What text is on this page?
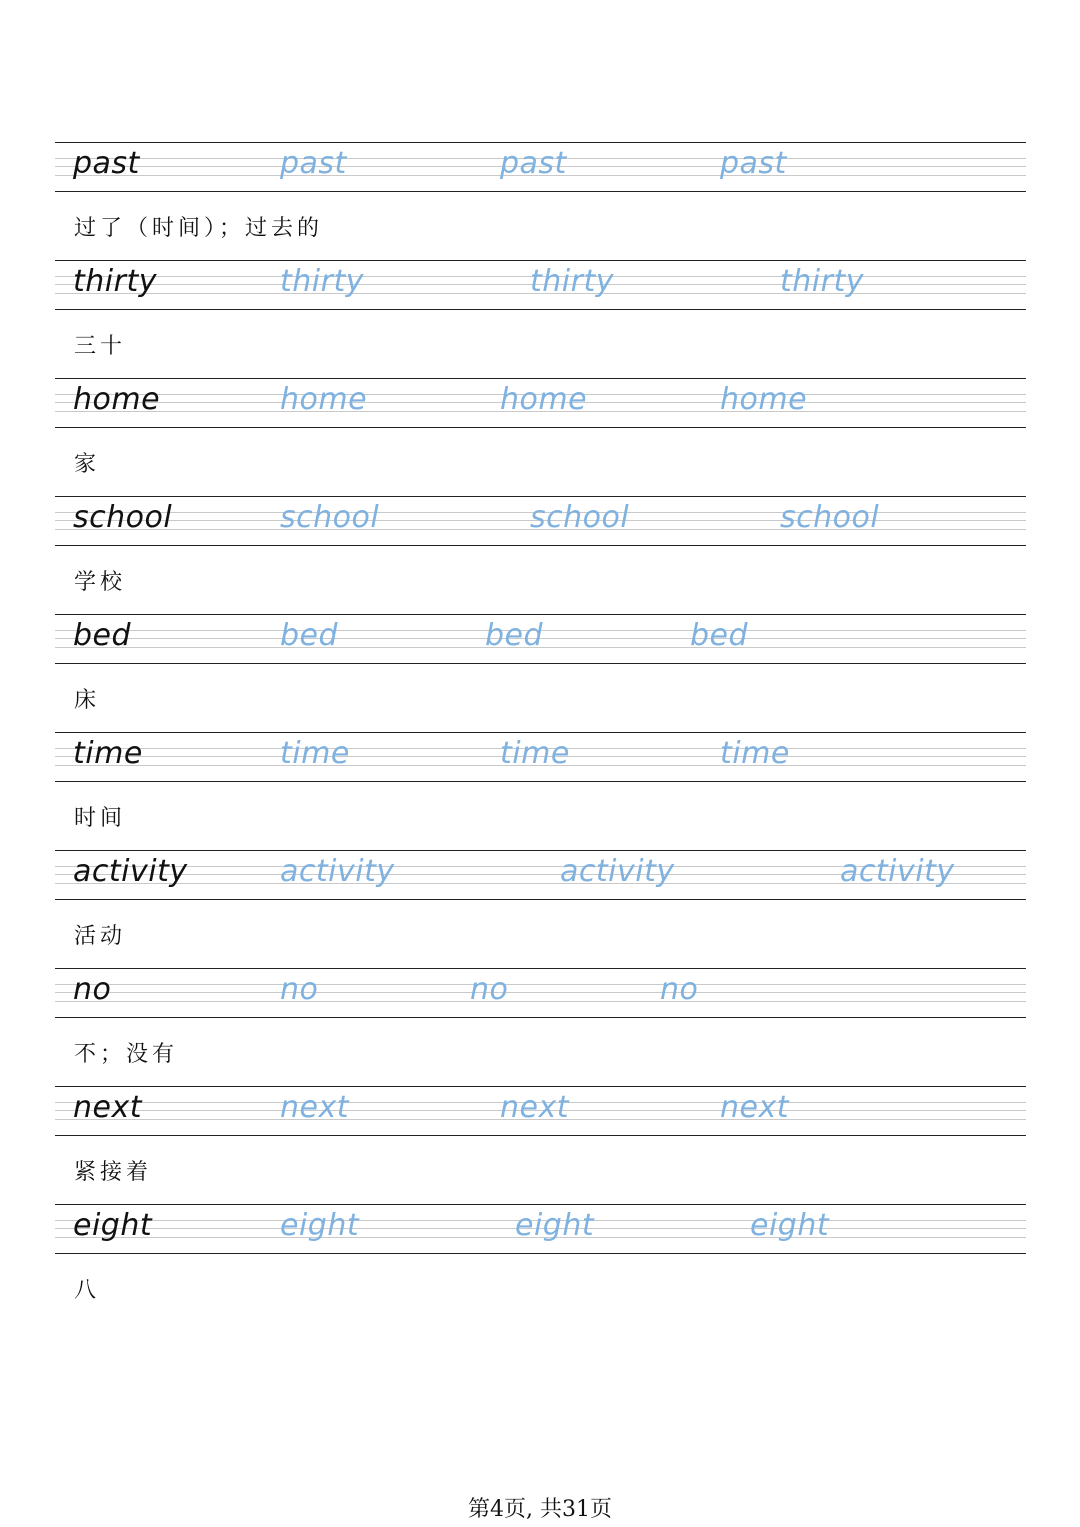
第4页, 共31页
past	past	past	past
过了（时间）；过去的
thirty	thirty	thirty	thirty
三十
home	home	home	home
家
school	school	school	school
学校
bed	bed	bed	bed
床
time	time	time	time
时间
activity	activity	activity	activity
活动
no	no	no	no
不；没有
next	next	next	next
紧接着
eight	eight	eight	eight
八
